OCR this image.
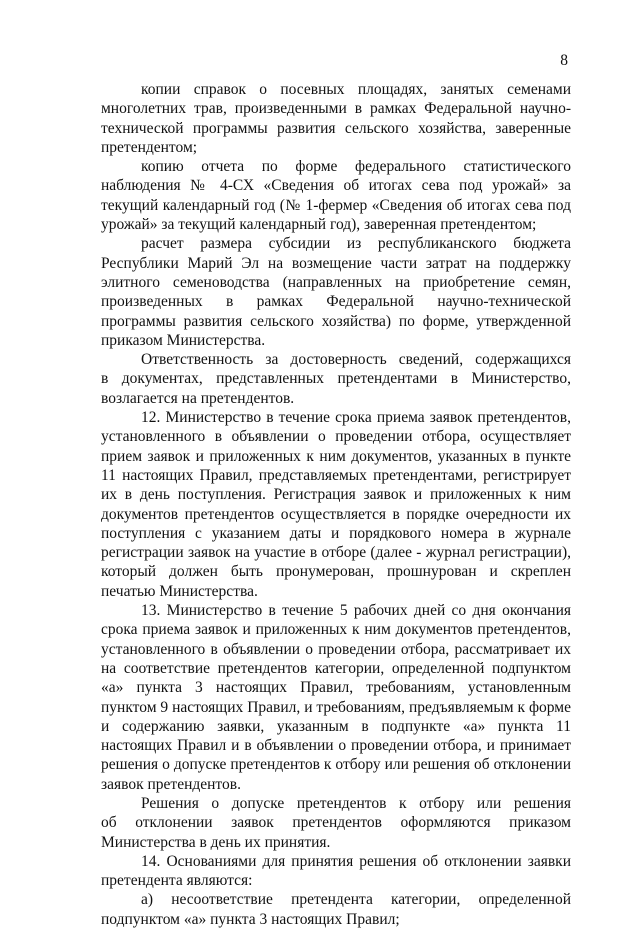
8
копии справок о посевных площадях, занятых семенами
многолетних трав, произведенными в рамках Федеральной научно-технической программы развития сельского хозяйства, заверенные претендентом;
копию отчета по форме федерального статистического
наблюдения № 4-СХ «Сведения об итогах сева под урожай» за текущий календарный год (№ 1-фермер «Сведения об итогах сева под урожай» за текущий календарный год), заверенная претендентом;
расчет размера субсидии из республиканского бюджета
Республики Марий Эл на возмещение части затрат на поддержку элитного семеноводства (направленных на приобретение семян, произведенных в рамках Федеральной научно-технической программы развития сельского хозяйства) по форме, утвержденной приказом Министерства.
Ответственность за достоверность сведений, содержащихся
в документах, представленных претендентами в Министерство, возлагается на претендентов.
12. Министерство в течение срока приема заявок претендентов,
установленного в объявлении о проведении отбора, осуществляет прием заявок и приложенных к ним документов, указанных в пункте 11 настоящих Правил, представляемых претендентами, регистрирует их в день поступления. Регистрация заявок и приложенных к ним документов претендентов осуществляется в порядке очередности их поступления с указанием даты и порядкового номера в журнале регистрации заявок на участие в отборе (далее - журнал регистрации), который должен быть пронумерован, прошнурован и скреплен печатью Министерства.
13. Министерство в течение 5 рабочих дней со дня окончания
срока приема заявок и приложенных к ним документов претендентов, установленного в объявлении о проведении отбора, рассматривает их на соответствие претендентов категории, определенной подпунктом «а» пункта 3 настоящих Правил, требованиям, установленным пунктом 9 настоящих Правил, и требованиям, предъявляемым к форме и содержанию заявки, указанным в подпункте «а» пункта 11 настоящих Правил и в объявлении о проведении отбора, и принимает решения о допуске претендентов к отбору или решения об отклонении заявок претендентов.
Решения о допуске претендентов к отбору или решения
об отклонении заявок претендентов оформляются приказом Министерства в день их принятия.
14. Основаниями для принятия решения об отклонении заявки
претендента являются:
а) несоответствие претендента категории, определенной
подпунктом «а» пункта 3 настоящих Правил;
